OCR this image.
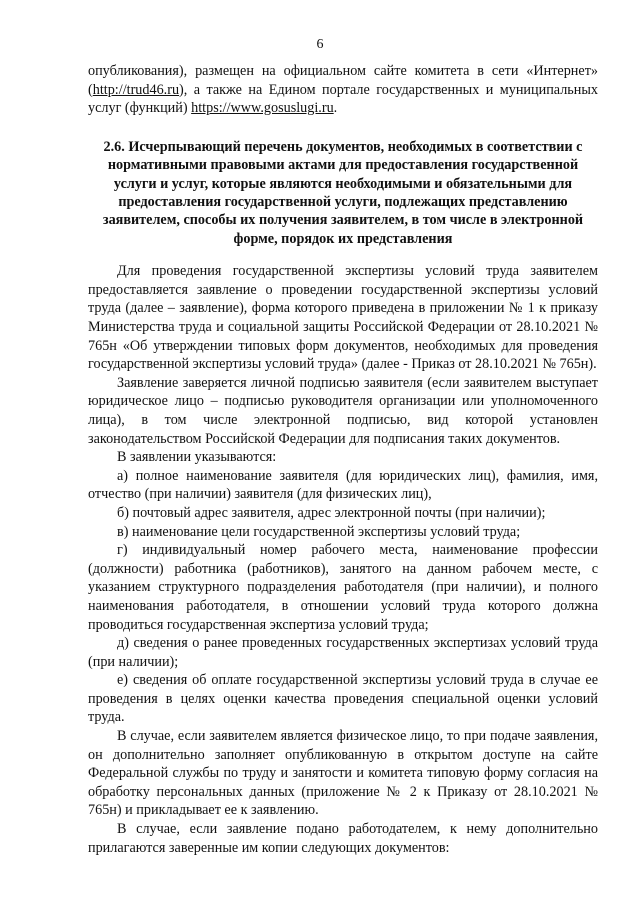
6

опубликования), размещен на официальном сайте комитета в сети «Интернет» (http://trud46.ru), а также на Едином портале государственных и муниципальных услуг (функций) https://www.gosuslugi.ru.

2.6. Исчерпывающий перечень документов, необходимых в соответствии с нормативными правовыми актами для предоставления государственной услуги и услуг, которые являются необходимыми и обязательными для предоставления государственной услуги, подлежащих представлению заявителем, способы их получения заявителем, в том числе в электронной форме, порядок их представления

Для проведения государственной экспертизы условий труда заявителем предоставляется заявление о проведении государственной экспертизы условий труда (далее – заявление), форма которого приведена в приложении № 1 к приказу Министерства труда и социальной защиты Российской Федерации от 28.10.2021 № 765н «Об утверждении типовых форм документов, необходимых для проведения государственной экспертизы условий труда» (далее - Приказ от 28.10.2021 № 765н).

Заявление заверяется личной подписью заявителя (если заявителем выступает юридическое лицо – подписью руководителя организации или уполномоченного лица), в том числе электронной подписью, вид которой установлен законодательством Российской Федерации для подписания таких документов.

В заявлении указываются:

а) полное наименование заявителя (для юридических лиц), фамилия, имя, отчество (при наличии) заявителя (для физических лиц),

б) почтовый адрес заявителя, адрес электронной почты (при наличии);

в) наименование цели государственной экспертизы условий труда;

г) индивидуальный номер рабочего места, наименование профессии (должности) работника (работников), занятого на данном рабочем месте, с указанием структурного подразделения работодателя (при наличии), и полного наименования работодателя, в отношении условий труда которого должна проводиться государственная экспертиза условий труда;

д) сведения о ранее проведенных государственных экспертизах условий труда (при наличии);

е) сведения об оплате государственной экспертизы условий труда в случае ее проведения в целях оценки качества проведения специальной оценки условий труда.

В случае, если заявителем является физическое лицо, то при подаче заявления, он дополнительно заполняет опубликованную в открытом доступе на сайте Федеральной службы по труду и занятости и комитета типовую форму согласия на обработку персональных данных (приложение № 2 к Приказу от 28.10.2021 № 765н) и прикладывает ее к заявлению.

В случае, если заявление подано работодателем, к нему дополнительно прилагаются заверенные им копии следующих документов:
